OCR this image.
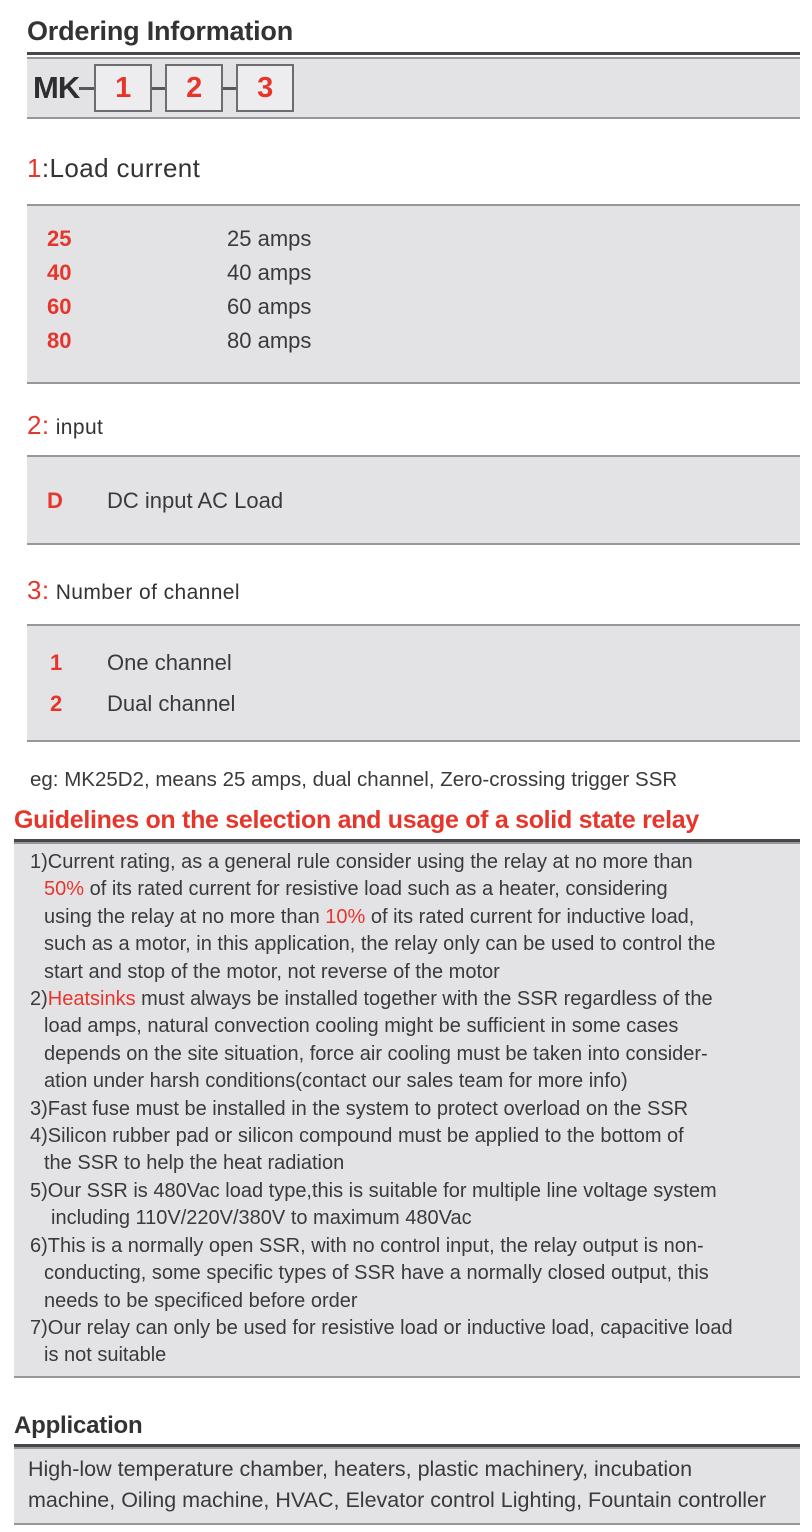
Ordering Information
MK 1 2 3
1:Load current
25	25 amps
40	40 amps
60	60 amps
80	80 amps
2: input
D DC input AC Load
3: Number of channel
1 One channel
2 Dual channel

eg: MK25D2, means 25 amps, dual channel, Zero-crossing trigger SSR

Guidelines on the selection and usage of a solid state relay
1)Current rating, as a general rule consider using the relay at no more than
50% of its rated current for resistive load such as a heater, considering
using the relay at no more than 10% of its rated current for inductive load,
such as a motor, in this application, the relay only can be used to control the
start and stop of the motor, not reverse of the motor
2)Heatsinks must always be installed together with the SSR regardless of the
load amps, natural convection cooling might be sufficient in some cases
depends on the site situation, force air cooling must be taken into consider-
ation under harsh conditions(contact our sales team for more info)
3)Fast fuse must be installed in the system to protect overload on the SSR
4)Silicon rubber pad or silicon compound must be applied to the bottom of
the SSR to help the heat radiation
5)Our SSR is 480Vac load type,this is suitable for multiple line voltage system
including 110V/220V/380V to maximum 480Vac
6)This is a normally open SSR, with no control input, the relay output is non-
conducting, some specific types of SSR have a normally closed output, this
needs to be specificed before order
7)Our relay can only be used for resistive load or inductive load, capacitive load
is not suitable
Application
High-low temperature chamber, heaters, plastic machinery, incubation
machine, Oiling machine, HVAC, Elevator control Lighting, Fountain controller
